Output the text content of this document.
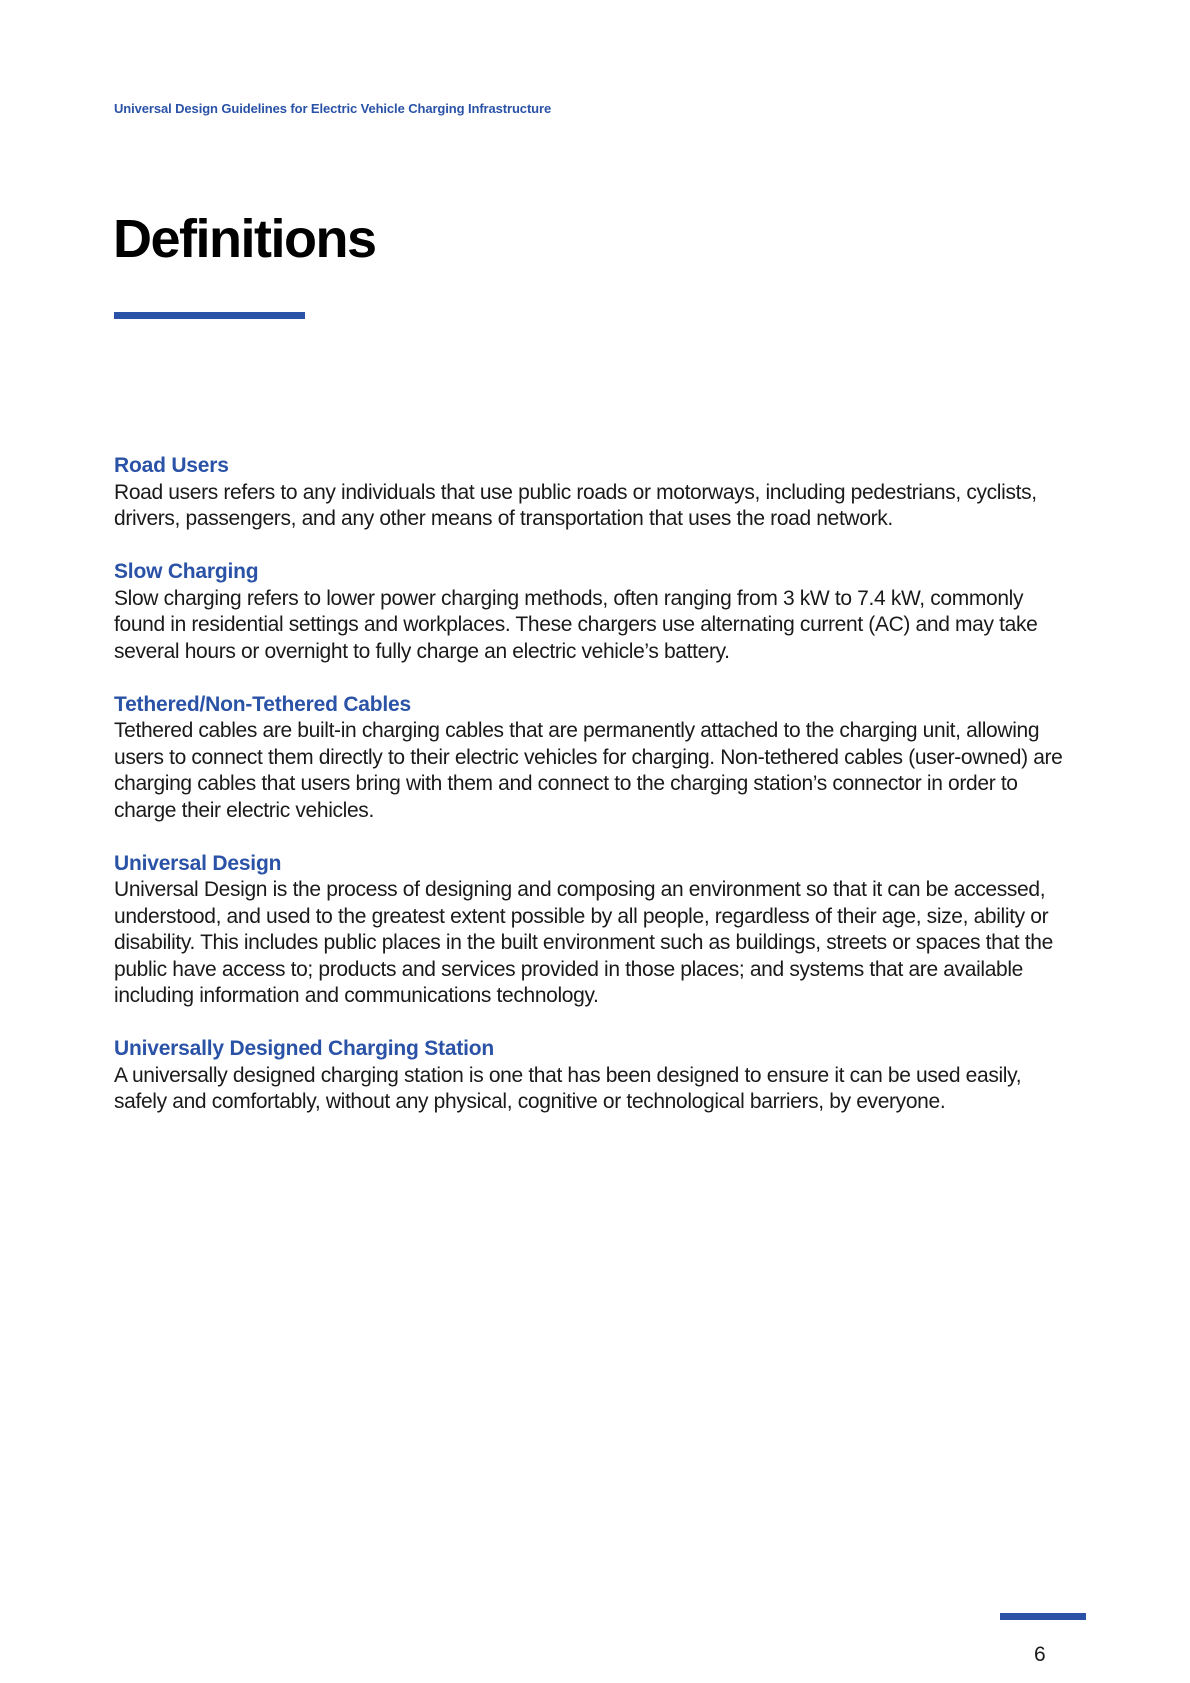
Universal Design Guidelines for Electric Vehicle Charging Infrastructure
Definitions

Road Users

Road users refers to any individuals that use public roads or motorways, including pedestrians, cyclists, drivers, passengers, and any other means of transportation that uses the road network.

Slow Charging

Slow charging refers to lower power charging methods, often ranging from 3 kW to 7.4 kW, commonly found in residential settings and workplaces. These chargers use alternating current (AC) and may take several hours or overnight to fully charge an electric vehicle’s battery.

Tethered/Non-Tethered Cables

Tethered cables are built-in charging cables that are permanently attached to the charging unit, allowing users to connect them directly to their electric vehicles for charging. Non-tethered cables (user-owned) are charging cables that users bring with them and connect to the charging station’s connector in order to charge their electric vehicles.

Universal Design

Universal Design is the process of designing and composing an environment so that it can be accessed, understood, and used to the greatest extent possible by all people, regardless of their age, size, ability or disability. This includes public places in the built environment such as buildings, streets or spaces that the public have access to; products and services provided in those places; and systems that are available including information and communications technology.

Universally Designed Charging Station

A universally designed charging station is one that has been designed to ensure it can be used easily, safely and comfortably, without any physical, cognitive or technological barriers, by everyone.

6
